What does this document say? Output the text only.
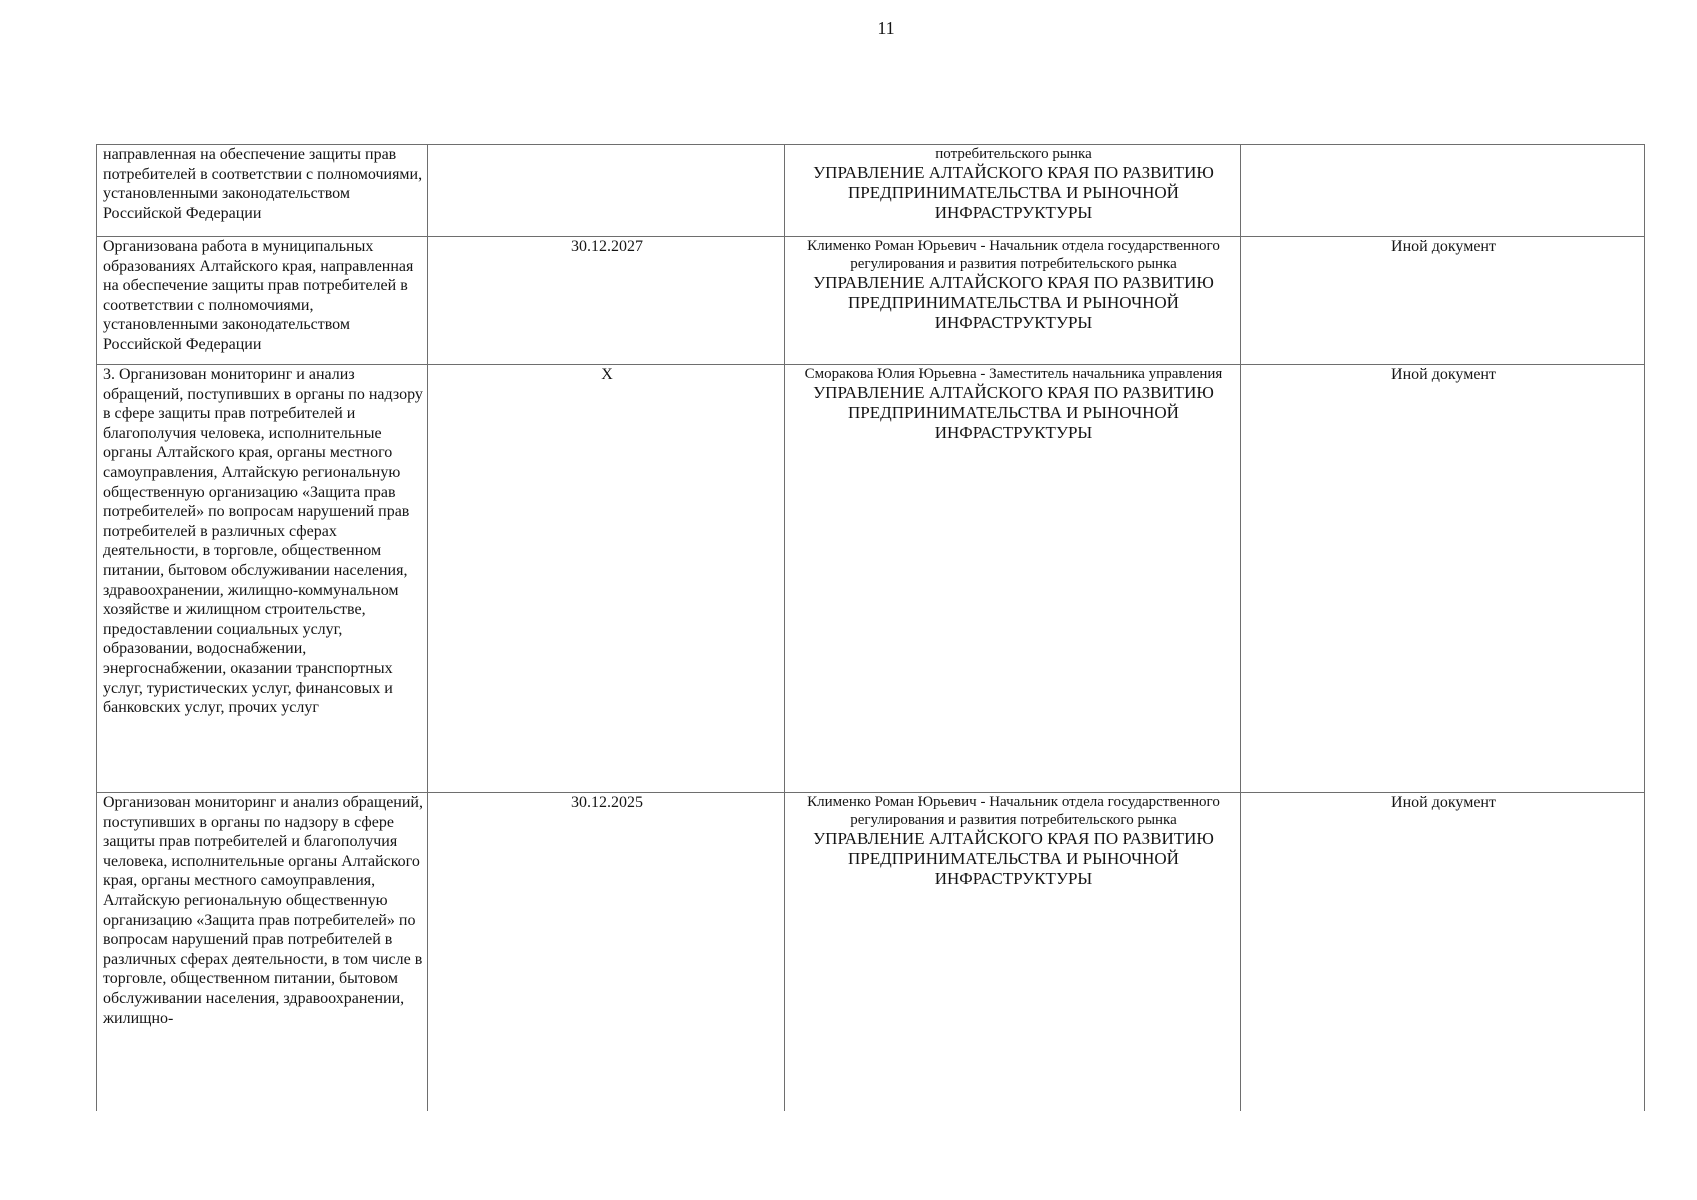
11
направленная на обеспечение защиты прав потребителей в соответствии с полномочиями, установленными законодательством Российской Федерации		потребительского рынка
УПРАВЛЕНИЕ АЛТАЙСКОГО КРАЯ ПО РАЗВИТИЮ ПРЕДПРИНИМАТЕЛЬСТВА И РЫНОЧНОЙ ИНФРАСТРУКТУРЫ	

Организована работа в муниципальных образованиях Алтайского края, направленная на обеспечение защиты прав потребителей в соответствии с полномочиями, установленными законодательством Российской Федерации	30.12.2027	Клименко Роман Юрьевич - Начальник отдела государственного регулирования и развития потребительского рынка
УПРАВЛЕНИЕ АЛТАЙСКОГО КРАЯ ПО РАЗВИТИЮ ПРЕДПРИНИМАТЕЛЬСТВА И РЫНОЧНОЙ ИНФРАСТРУКТУРЫ	Иной документ
3. Организован мониторинг и анализ обращений, поступивших в органы по надзору в сфере защиты прав потребителей и благополучия человека, исполнительные органы Алтайского края, органы местного самоуправления, Алтайскую региональную общественную организацию «Защита прав потребителей» по вопросам нарушений прав потребителей в различных сферах деятельности, в торговле, общественном питании, бытовом обслуживании населения, здравоохранении, жилищно-коммунальном хозяйстве и жилищном строительстве, предоставлении социальных услуг, образовании, водоснабжении, энергоснабжении, оказании транспортных услуг, туристических услуг, финансовых и банковских услуг, прочих услуг	X	Сморакова Юлия Юрьевна - Заместитель начальника управления
УПРАВЛЕНИЕ АЛТАЙСКОГО КРАЯ ПО РАЗВИТИЮ ПРЕДПРИНИМАТЕЛЬСТВА И РЫНОЧНОЙ ИНФРАСТРУКТУРЫ	Иной документ
Организован мониторинг и анализ обращений, поступивших в органы по надзору в сфере защиты прав потребителей и благополучия человека, исполнительные органы Алтайского края, органы местного самоуправления, Алтайскую региональную общественную организацию «Защита прав потребителей» по вопросам нарушений прав потребителей в различных сферах деятельности, в том числе в торговле, общественном питании, бытовом обслуживании населения, здравоохранении, жилищно-	30.12.2025	Клименко Роман Юрьевич - Начальник отдела государственного регулирования и развития потребительского рынка
УПРАВЛЕНИЕ АЛТАЙСКОГО КРАЯ ПО РАЗВИТИЮ ПРЕДПРИНИМАТЕЛЬСТВА И РЫНОЧНОЙ ИНФРАСТРУКТУРЫ	Иной документ
